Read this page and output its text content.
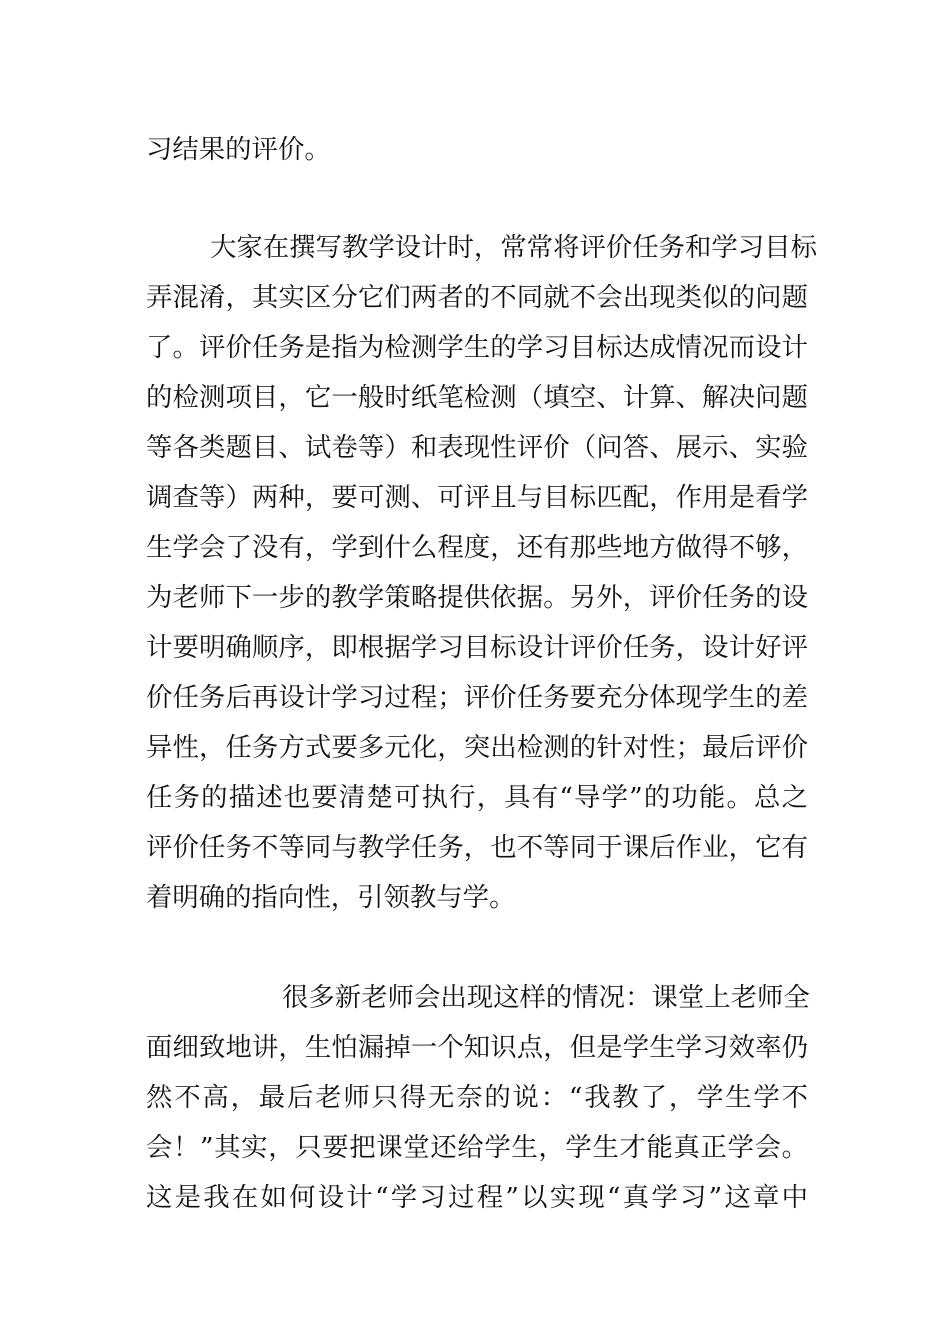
习结果的评价。
大家在撰写教学设计时，常常将评价任务和学习目标
弄混淆，其实区分它们两者的不同就不会出现类似的问题
了。评价任务是指为检测学生的学习目标达成情况而设计
的检测项目，它一般时纸笔检测（填空、计算、解决问题
等各类题目、试卷等）和表现性评价（问答、展示、实验
调查等）两种，要可测、可评且与目标匹配，作用是看学
生学会了没有，学到什么程度，还有那些地方做得不够，
为老师下一步的教学策略提供依据。另外，评价任务的设
计要明确顺序，即根据学习目标设计评价任务，设计好评
价任务后再设计学习过程；评价任务要充分体现学生的差
异性，任务方式要多元化，突出检测的针对性；最后评价
任务的描述也要清楚可执行，具有“导学”的功能。总之
评价任务不等同与教学任务，也不等同于课后作业，它有
着明确的指向性，引领教与学。
很多新老师会出现这样的情况：课堂上老师全
面细致地讲，生怕漏掉一个知识点，但是学生学习效率仍
然不高，最后老师只得无奈的说：“我教了，学生学不
会！”其实，只要把课堂还给学生，学生才能真正学会。
这是我在如何设计“学习过程”以实现“真学习”这章中
